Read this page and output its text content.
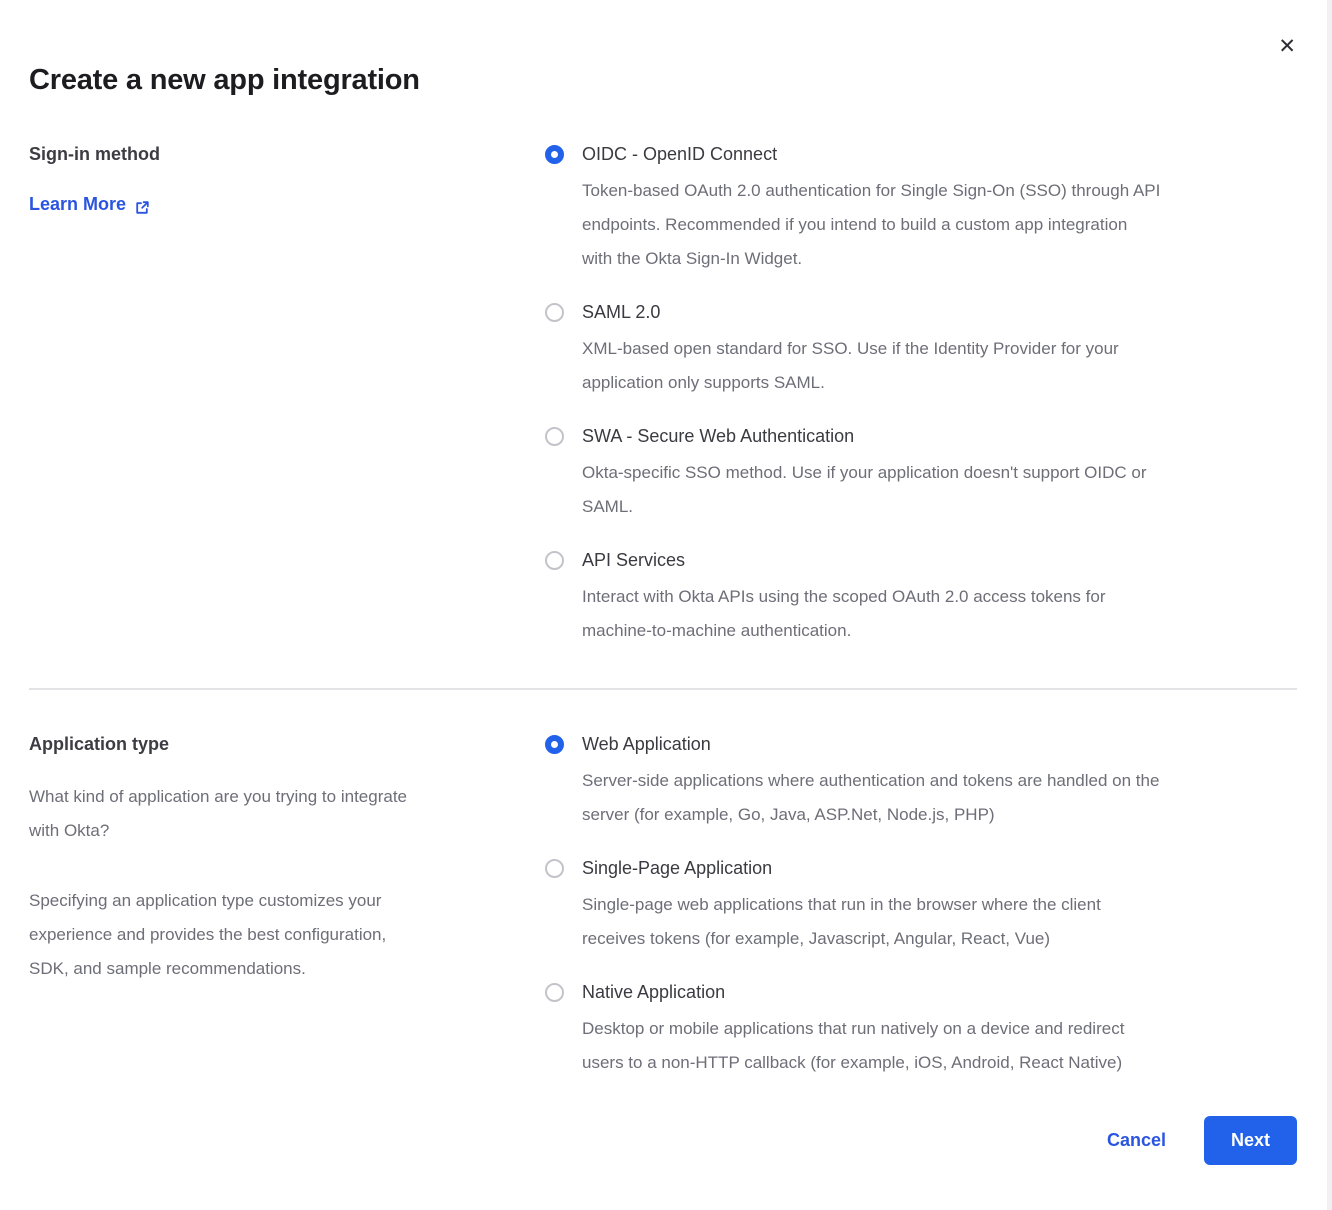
✕
Create a new app integration
Sign-in method
Learn More
OIDC - OpenID Connect
Token-based OAuth 2.0 authentication for Single Sign-On (SSO) through API
endpoints. Recommended if you intend to build a custom app integration
with the Okta Sign-In Widget.
SAML 2.0
XML-based open standard for SSO. Use if the Identity Provider for your
application only supports SAML.
SWA - Secure Web Authentication
Okta-specific SSO method. Use if your application doesn't support OIDC or
SAML.
API Services
Interact with Okta APIs using the scoped OAuth 2.0 access tokens for
machine-to-machine authentication.
Application type
What kind of application are you trying to integrate
with Okta?
Specifying an application type customizes your
experience and provides the best configuration,
SDK, and sample recommendations.
Web Application
Server-side applications where authentication and tokens are handled on the
server (for example, Go, Java, ASP.Net, Node.js, PHP)
Single-Page Application
Single-page web applications that run in the browser where the client
receives tokens (for example, Javascript, Angular, React, Vue)
Native Application
Desktop or mobile applications that run natively on a device and redirect
users to a non-HTTP callback (for example, iOS, Android, React Native)
Cancel	Next
